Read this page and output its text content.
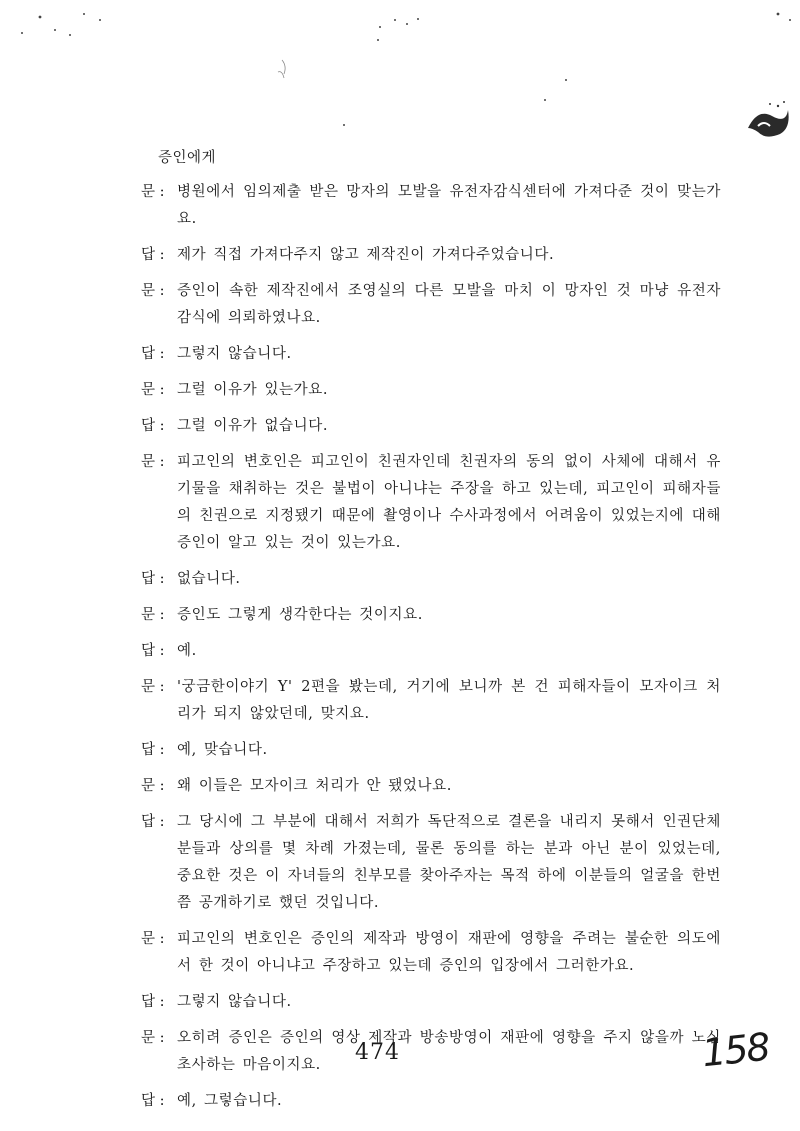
증인에게
문 : 병원에서 임의제출 받은 망자의 모발을 유전자감식센터에 가져다준 것이 맞는가요.
답 : 제가 직접 가져다주지 않고 제작진이 가져다주었습니다.
문 : 증인이 속한 제작진에서 조영실의 다른 모발을 마치 이 망자인 것 마냥 유전자 감식에 의뢰하였나요.
답 : 그렇지 않습니다.
문 : 그럴 이유가 있는가요.
답 : 그럴 이유가 없습니다.
문 : 피고인의 변호인은 피고인이 친권자인데 친권자의 동의 없이 사체에 대해서 유기물을 채취하는 것은 불법이 아니냐는 주장을 하고 있는데, 피고인이 피해자들의 친권으로 지정됐기 때문에 촬영이나 수사과정에서 어려움이 있었는지에 대해 증인이 알고 있는 것이 있는가요.
답 : 없습니다.
문 : 증인도 그렇게 생각한다는 것이지요.
답 : 예.
문 : '궁금한이야기 Y' 2편을 봤는데, 거기에 보니까 본 건 피해자들이 모자이크 처리가 되지 않았던데, 맞지요.
답 : 예, 맞습니다.
문 : 왜 이들은 모자이크 처리가 안 됐었나요.
답 : 그 당시에 그 부분에 대해서 저희가 독단적으로 결론을 내리지 못해서 인권단체 분들과 상의를 몇 차례 가졌는데, 물론 동의를 하는 분과 아닌 분이 있었는데, 중요한 것은 이 자녀들의 친부모를 찾아주자는 목적 하에 이분들의 얼굴을 한번쯤 공개하기로 했던 것입니다.
문 : 피고인의 변호인은 증인의 제작과 방영이 재판에 영향을 주려는 불순한 의도에서 한 것이 아니냐고 주장하고 있는데 증인의 입장에서 그러한가요.
답 : 그렇지 않습니다.
문 : 오히려 증인은 증인의 영상 제작과 방송방영이 재판에 영향을 주지 않을까 노심초사하는 마음이지요.
답 : 예, 그렇습니다.
474	158
